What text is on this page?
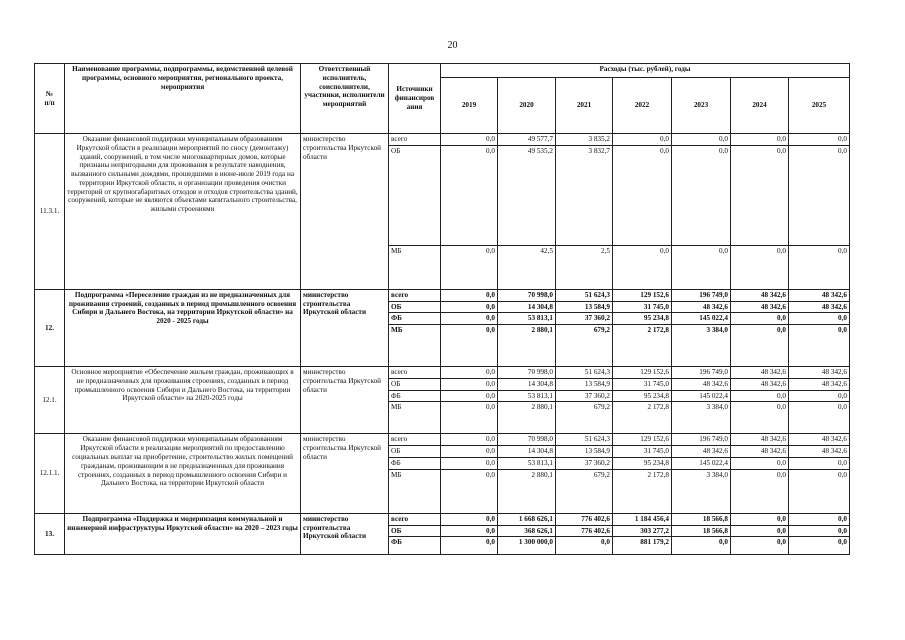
20
№
п/п	Наименование программы, подпрограммы, ведомственной целевой программы, основного мероприятия, регионального проекта, мероприятия	Ответственный исполнитель, соисполнители, участники, исполнители мероприятий	Источники финансиров ания	Расходы (тыс. рублей), годы						
				2019	2020	2021	2022	2023	2024	2025
11.3.1.	Оказание финансовой поддержки муниципальным образованиям Иркутской области в реализации мероприятий по сносу (демонтажу) зданий, сооружений, в том числе многоквартирных домов, которые признаны непригодными для проживания в результате наводнения, вызванного сильными дождями, прошедшими в июне-июле 2019 года на территории Иркутской области, и организации проведения очистки территорий от крупногабаритных отходов и отходов строительства зданий, сооружений, которые не являются объектами капитального строительства, жилыми строениями	министерство строительства Иркутской области	всего	0,0	49 577,7	3 835,2	0,0	0,0	0,0	0,0
			ОБ	0,0	49 535,2	3 832,7	0,0	0,0	0,0	0,0
			МБ	0,0	42,5	2,5	0,0	0,0	0,0	0,0
12.	Подпрограмма «Переселение граждан из не предназначенных для проживания строений, созданных в период промышленного освоения Сибири и Дальнего Востока, на территории Иркутской области» на 2020 - 2025 годы	министерство строительства Иркутской области	всего	0,0	70 998,0	51 624,3	129 152,6	196 749,0	48 342,6	48 342,6
			ОБ	0,0	14 304,8	13 584,9	31 745,0	48 342,6	48 342,6	48 342,6
			ФБ	0,0	53 813,1	37 360,2	95 234,8	145 022,4	0,0	0,0
			МБ	0,0	2 880,1	679,2	2 172,8	3 384,0	0,0	0,0
12.1.	Основное мероприятие «Обеспечение жильем граждан, проживающих в не предназначенных для проживания строениях, созданных в период промышленного освоения Сибири и Дальнего Востока, на территории Иркутской области» на 2020-2025 годы	министерство строительства Иркутской области	всего	0,0	70 998,0	51 624,3	129 152,6	196 749,0	48 342,6	48 342,6
			ОБ	0,0	14 304,8	13 584,9	31 745,0	48 342,6	48 342,6	48 342,6
			ФБ	0,0	53 813,1	37 360,2	95 234,8	145 022,4	0,0	0,0
			МБ	0,0	2 880,1	679,2	2 172,8	3 384,0	0,0	0,0
12.1.1.	Оказание финансовой поддержки муниципальным образованиям Иркутской области в реализации мероприятий по предоставлению социальных выплат на приобретение, строительство жилых помещений гражданам, проживающим в не предназначенных для проживания строениях, созданных в период промышленного освоения Сибири и Дальнего Востока, на территории Иркутской области	министерство строительства Иркутской области	всего	0,0	70 998,0	51 624,3	129 152,6	196 749,0	48 342,6	48 342,6
			ОБ	0,0	14 304,8	13 584,9	31 745,0	48 342,6	48 342,6	48 342,6
			ФБ	0,0	53 813,1	37 360,2	95 234,8	145 022,4	0,0	0,0
			МБ	0,0	2 880,1	679,2	2 172,8	3 384,0	0,0	0,0
13.	Подпрограмма «Поддержка и модернизация коммунальной и инженерной инфраструктуры Иркутской области» на 2020 – 2023 годы	министерство строительства Иркутской области	всего	0,0	1 668 626,1	776 402,6	1 184 456,4	18 566,8	0,0	0,0
			ОБ	0,0	368 626,1	776 402,6	303 277,2	18 566,8	0,0	0,0
			ФБ	0,0	1 300 000,0	0,0	881 179,2	0,0	0,0	0,0
